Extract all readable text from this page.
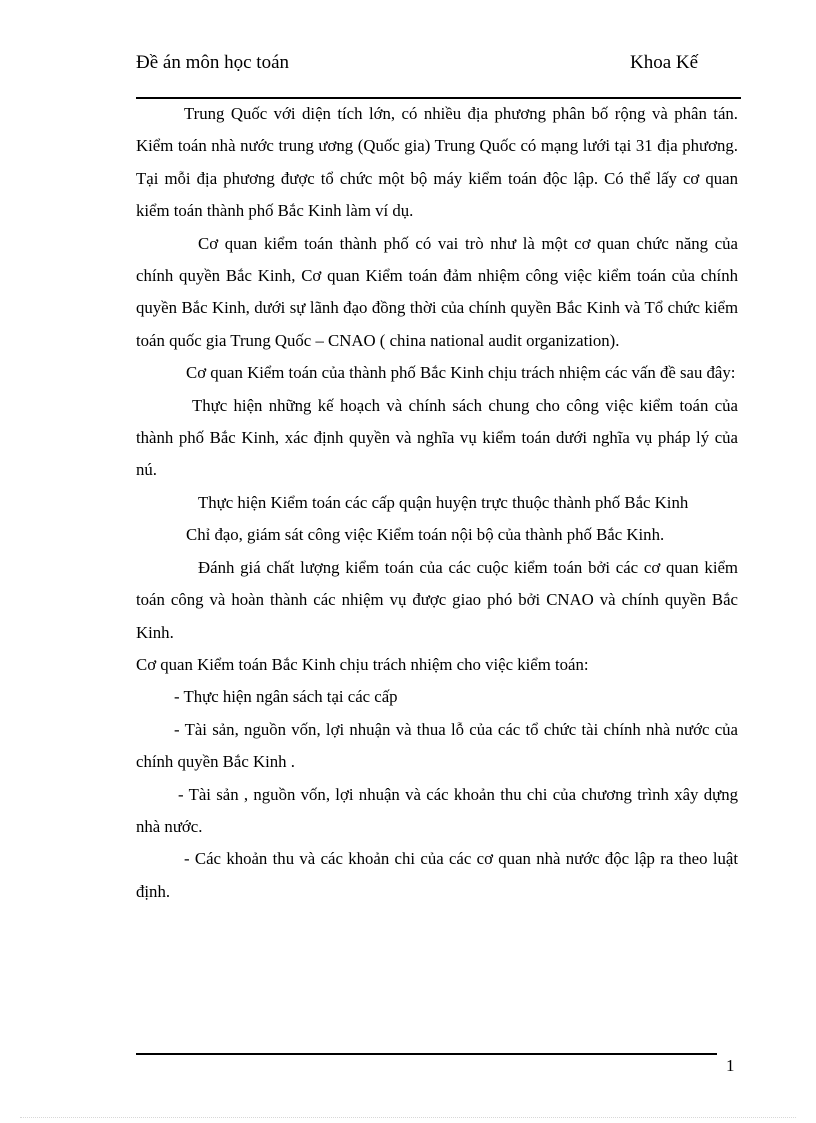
Đề án môn học toán	Khoa Kế

Trung Quốc với diện tích lớn, có nhiều địa phương phân bố rộng và phân tán. Kiểm toán nhà nước trung ương (Quốc gia) Trung Quốc có mạng lưới tại 31 địa phương. Tại mỗi địa phương được tổ chức một bộ máy kiểm toán độc lập. Có thể lấy cơ quan kiểm toán thành phố Bắc Kinh làm ví dụ.

Cơ quan kiểm toán thành phố có vai trò như là một cơ quan chức năng của chính quyền Bắc Kinh, Cơ quan Kiểm toán đảm nhiệm công việc kiểm toán của chính quyền Bắc Kinh, dưới sự lãnh đạo đồng thời của chính quyền Bắc Kinh và Tổ chức kiểm toán quốc gia Trung Quốc – CNAO ( china national audit organization).

Cơ quan Kiểm toán của thành phố Bắc Kinh chịu trách nhiệm các vấn đề sau đây:

Thực hiện những kế hoạch và chính sách chung cho công việc kiểm toán của thành phố Bắc Kinh, xác định quyền và nghĩa vụ kiểm toán dưới nghĩa vụ pháp lý của nú.

Thực hiện Kiểm toán các cấp quận huyện trực thuộc thành phố Bắc Kinh

Chỉ đạo, giám sát công việc Kiểm toán nội bộ của thành phố Bắc Kinh.

Đánh giá chất lượng kiểm toán của các cuộc kiểm toán bởi các cơ quan kiểm toán công và hoàn thành các nhiệm vụ được giao phó bởi CNAO và chính quyền Bắc Kinh.

Cơ quan Kiểm toán Bắc Kinh chịu trách nhiệm cho việc kiểm toán:

- Thực hiện ngân sách tại các cấp

- Tài sản, nguồn vốn, lợi nhuận và thua lỗ của các tổ chức tài chính nhà nước của chính quyền Bắc Kinh .

- Tài sản , nguồn vốn, lợi nhuận và các khoản thu chi của chương trình xây dựng nhà nước.

- Các khoản thu và các khoản chi của các cơ quan nhà nước độc lập ra theo luật định.

1
